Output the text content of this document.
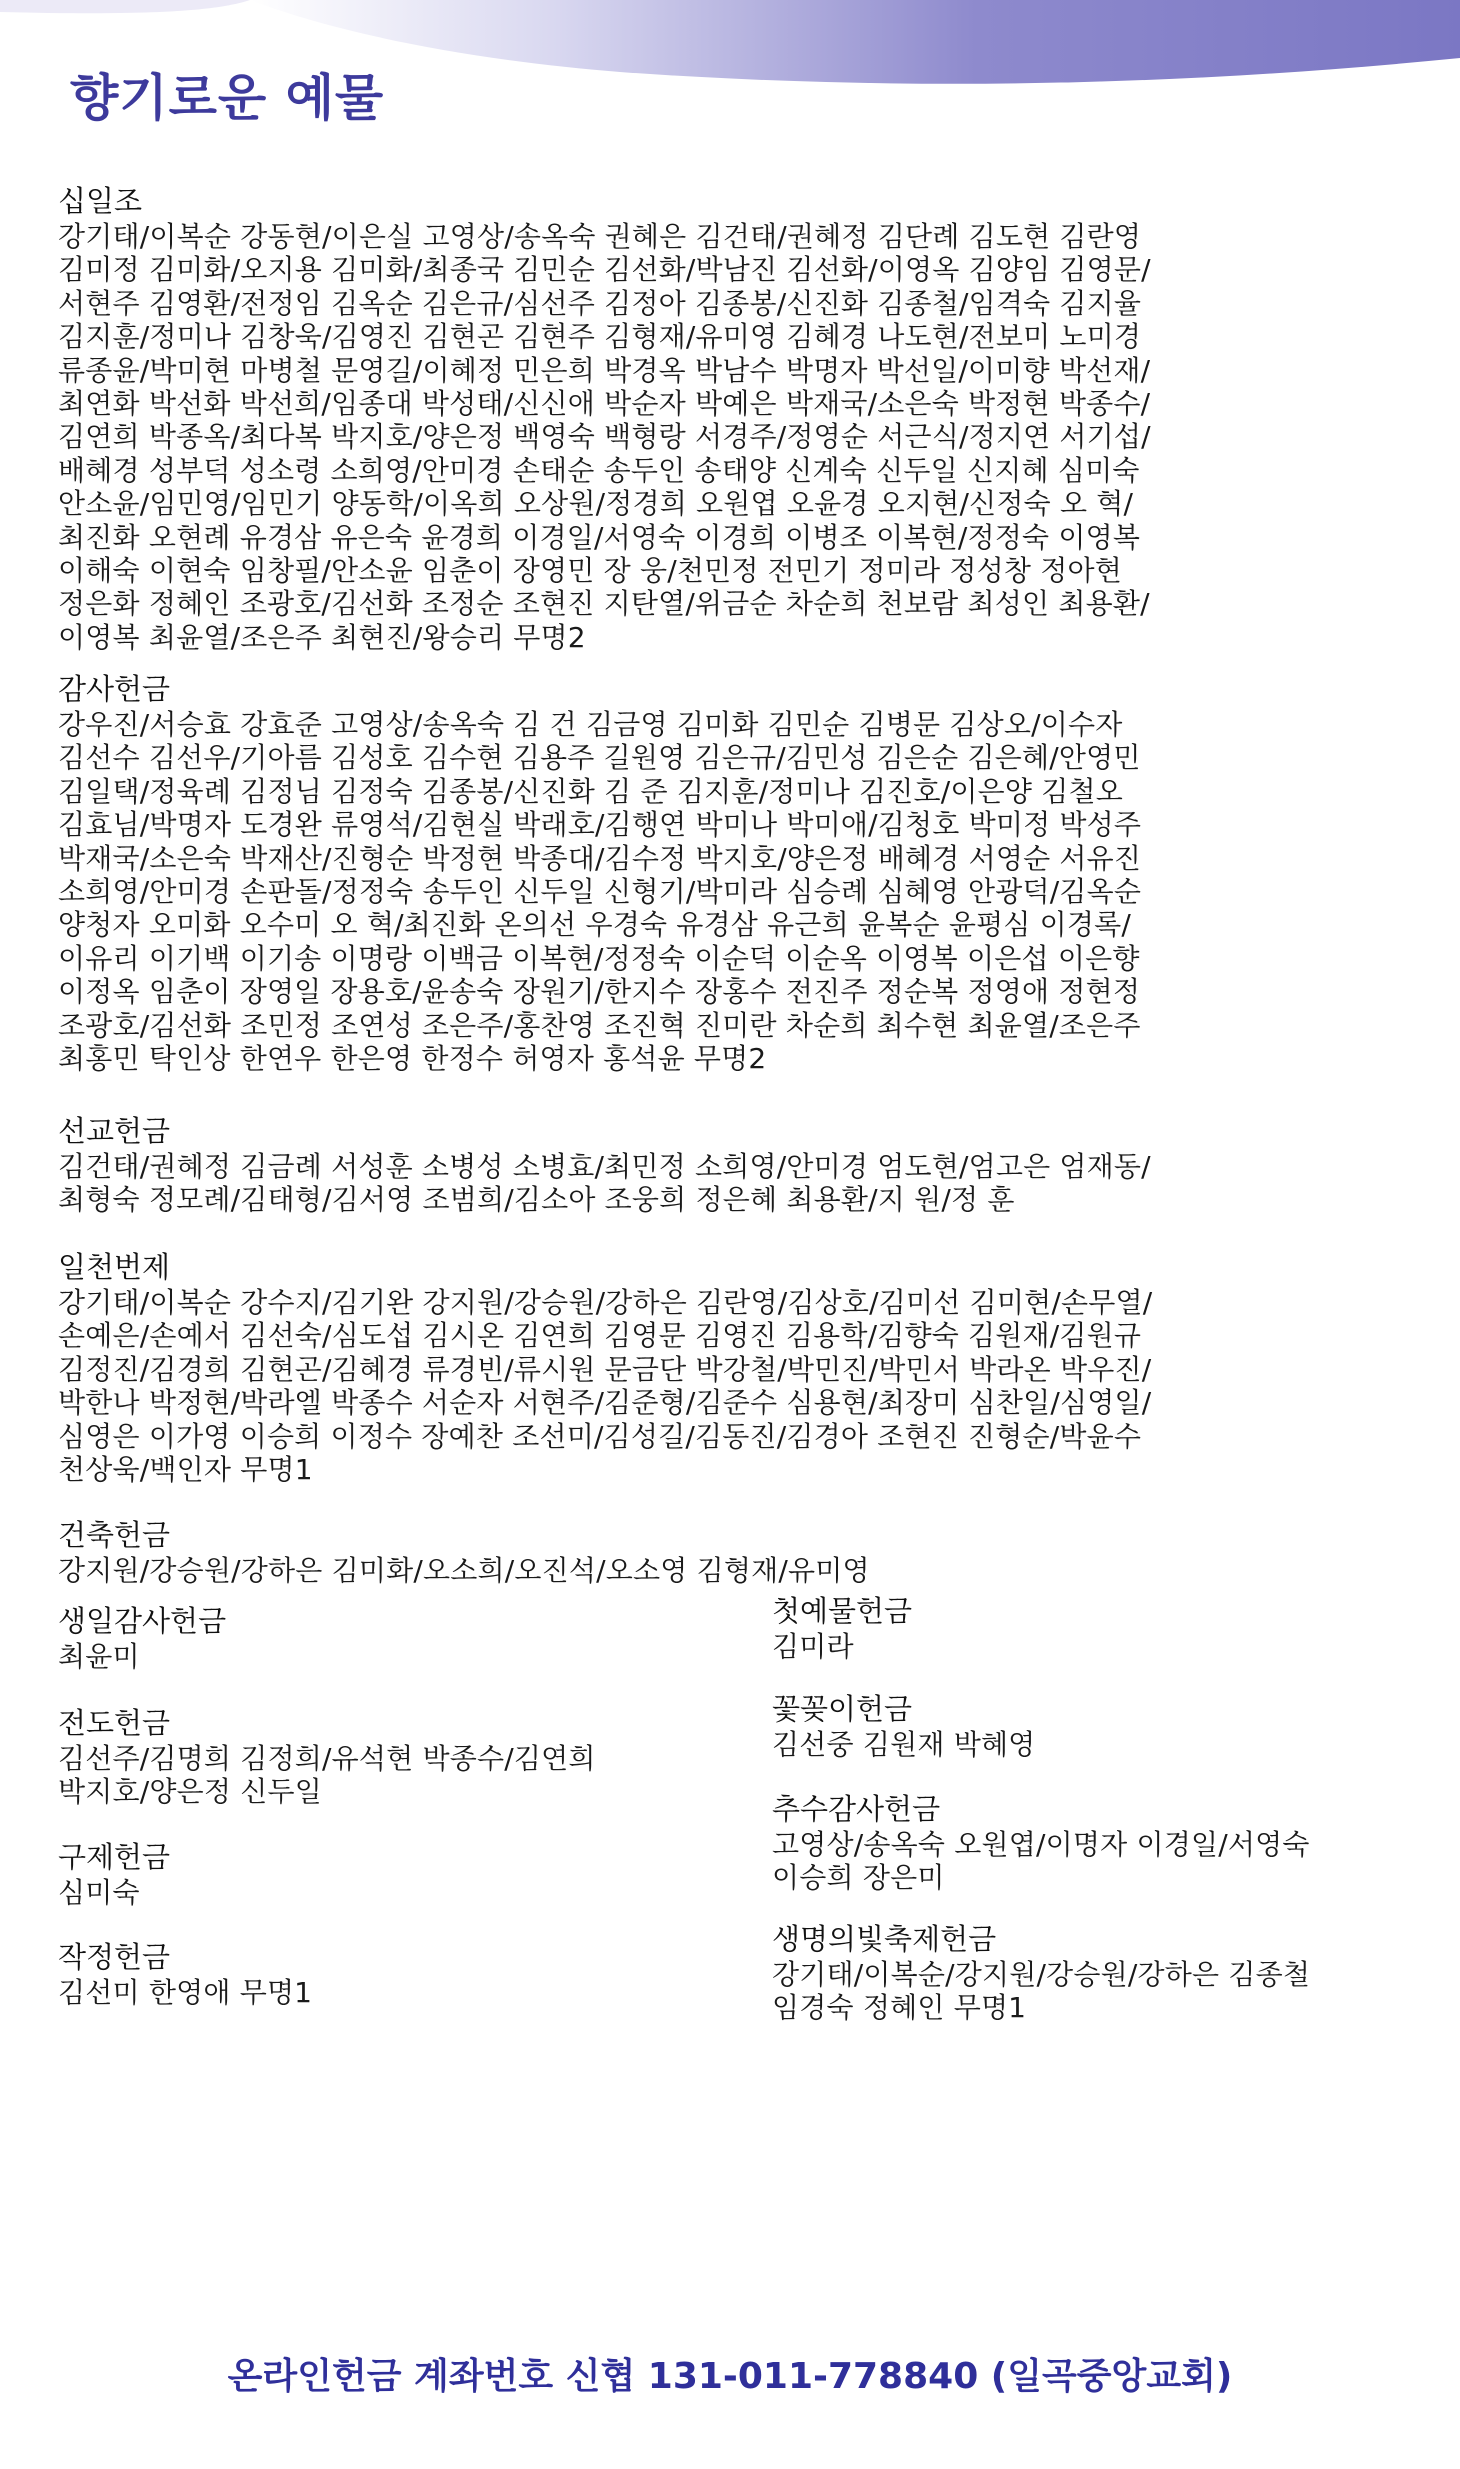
향기로운 예물
십일조
강기태/이복순 강동현/이은실 고영상/송옥숙 권혜은 김건태/권혜정 김단례 김도현 김란영
김미정 김미화/오지용 김미화/최종국 김민순 김선화/박남진 김선화/이영옥 김양임 김영문/
서현주 김영환/전정임 김옥순 김은규/심선주 김정아 김종봉/신진화 김종철/임격숙 김지율
김지훈/정미나 김창욱/김영진 김현곤 김현주 김형재/유미영 김혜경 나도현/전보미 노미경
류종윤/박미현 마병철 문영길/이혜정 민은희 박경옥 박남수 박명자 박선일/이미향 박선재/
최연화 박선화 박선희/임종대 박성태/신신애 박순자 박예은 박재국/소은숙 박정현 박종수/
김연희 박종옥/최다복 박지호/양은정 백영숙 백형랑 서경주/정영순 서근식/정지연 서기섭/
배혜경 성부덕 성소령 소희영/안미경 손태순 송두인 송태양 신계숙 신두일 신지혜 심미숙
안소윤/임민영/임민기 양동학/이옥희 오상원/정경희 오원엽 오윤경 오지현/신정숙 오 혁/
최진화 오현례 유경삼 유은숙 윤경희 이경일/서영숙 이경희 이병조 이복현/정정숙 이영복
이해숙 이현숙 임창필/안소윤 임춘이 장영민 장 웅/천민정 전민기 정미라 정성창 정아현
정은화 정혜인 조광호/김선화 조정순 조현진 지탄열/위금순 차순희 천보람 최성인 최용환/
이영복 최윤열/조은주 최현진/왕승리 무명2
감사헌금
강우진/서승효 강효준 고영상/송옥숙 김 건 김금영 김미화 김민순 김병문 김상오/이수자
김선수 김선우/기아름 김성호 김수현 김용주 길원영 김은규/김민성 김은순 김은혜/안영민
김일택/정육례 김정님 김정숙 김종봉/신진화 김 준 김지훈/정미나 김진호/이은양 김철오
김효님/박명자 도경완 류영석/김현실 박래호/김행연 박미나 박미애/김청호 박미정 박성주
박재국/소은숙 박재산/진형순 박정현 박종대/김수정 박지호/양은정 배혜경 서영순 서유진
소희영/안미경 손판돌/정정숙 송두인 신두일 신형기/박미라 심승례 심혜영 안광덕/김옥순
양청자 오미화 오수미 오 혁/최진화 온의선 우경숙 유경삼 유근희 윤복순 윤평심 이경록/
이유리 이기백 이기송 이명랑 이백금 이복현/정정숙 이순덕 이순옥 이영복 이은섭 이은향
이정옥 임춘이 장영일 장용호/윤송숙 장원기/한지수 장홍수 전진주 정순복 정영애 정현정
조광호/김선화 조민정 조연성 조은주/홍찬영 조진혁 진미란 차순희 최수현 최윤열/조은주
최홍민 탁인상 한연우 한은영 한정수 허영자 홍석윤 무명2
선교헌금
김건태/권혜정 김금례 서성훈 소병성 소병효/최민정 소희영/안미경 엄도현/엄고은 엄재동/
최형숙 정모례/김태형/김서영 조범희/김소아 조웅희 정은혜 최용환/지 원/정 훈
일천번제
강기태/이복순 강수지/김기완 강지원/강승원/강하은 김란영/김상호/김미선 김미현/손무열/
손예은/손예서 김선숙/심도섭 김시온 김연희 김영문 김영진 김용학/김향숙 김원재/김원규
김정진/김경희 김현곤/김혜경 류경빈/류시원 문금단 박강철/박민진/박민서 박라온 박우진/
박한나 박정현/박라엘 박종수 서순자 서현주/김준형/김준수 심용현/최장미 심찬일/심영일/
심영은 이가영 이승희 이정수 장예찬 조선미/김성길/김동진/김경아 조현진 진형순/박윤수
천상욱/백인자 무명1
건축헌금
강지원/강승원/강하은 김미화/오소희/오진석/오소영 김형재/유미영
생일감사헌금
최윤미
전도헌금
김선주/김명희 김정희/유석현 박종수/김연희
박지호/양은정 신두일
구제헌금
심미숙
작정헌금
김선미 한영애 무명1
첫예물헌금
김미라
꽃꽂이헌금
김선중 김원재 박혜영
추수감사헌금
고영상/송옥숙 오원엽/이명자 이경일/서영숙
이승희 장은미
생명의빛축제헌금
강기태/이복순/강지원/강승원/강하은 김종철
임경숙 정혜인 무명1
온라인헌금 계좌번호 신협 131-011-778840 (일곡중앙교회)
